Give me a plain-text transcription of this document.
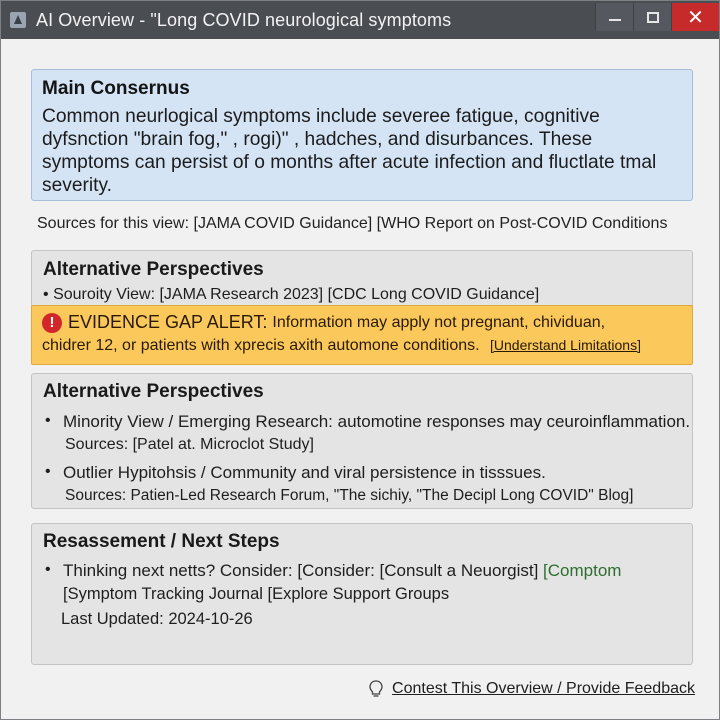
AI Overview - "Long COVID neurological symptoms	✕
Main Consernus

Common neurlogical symptoms include severee fatigue, cognitive dyfsnction "brain fog," , rogi)" , hadches, and disurbances. These symptoms can persist of o months after acute infection and fluctlate tmal severity.

Sources for this view: [JAMA COVID Guidance] [WHO Report on Post-COVID Conditions
Alternative Perspectives
• Souroity View: [JAMA Research 2023] [CDC Long COVID Guidance]
! EVIDENCE GAP ALERT: Information may apply not pregnant, chividuan,
chidrer 12, or patients with xprecis axith automone conditions. [Understand Limitations]
Alternative Perspectives
• Minority View / Emerging Research: automotine responses may ceuroinflammation.
Sources: [Patel at. Microclot Study]
• Outlier Hypitohsis / Community and viral persistence in tisssues.
Sources: Patien-Led Research Forum, "The sichiy, "The Decipl Long COVID" Blog]
Resassement / Next Steps
• Thinking next netts? Consider: [Consider: [Consult a Neuorgist] [Comptom
[Symptom Tracking Journal [Explore Support Groups
Last Updated: 2024-10-26
Contest This Overview / Provide Feedback
